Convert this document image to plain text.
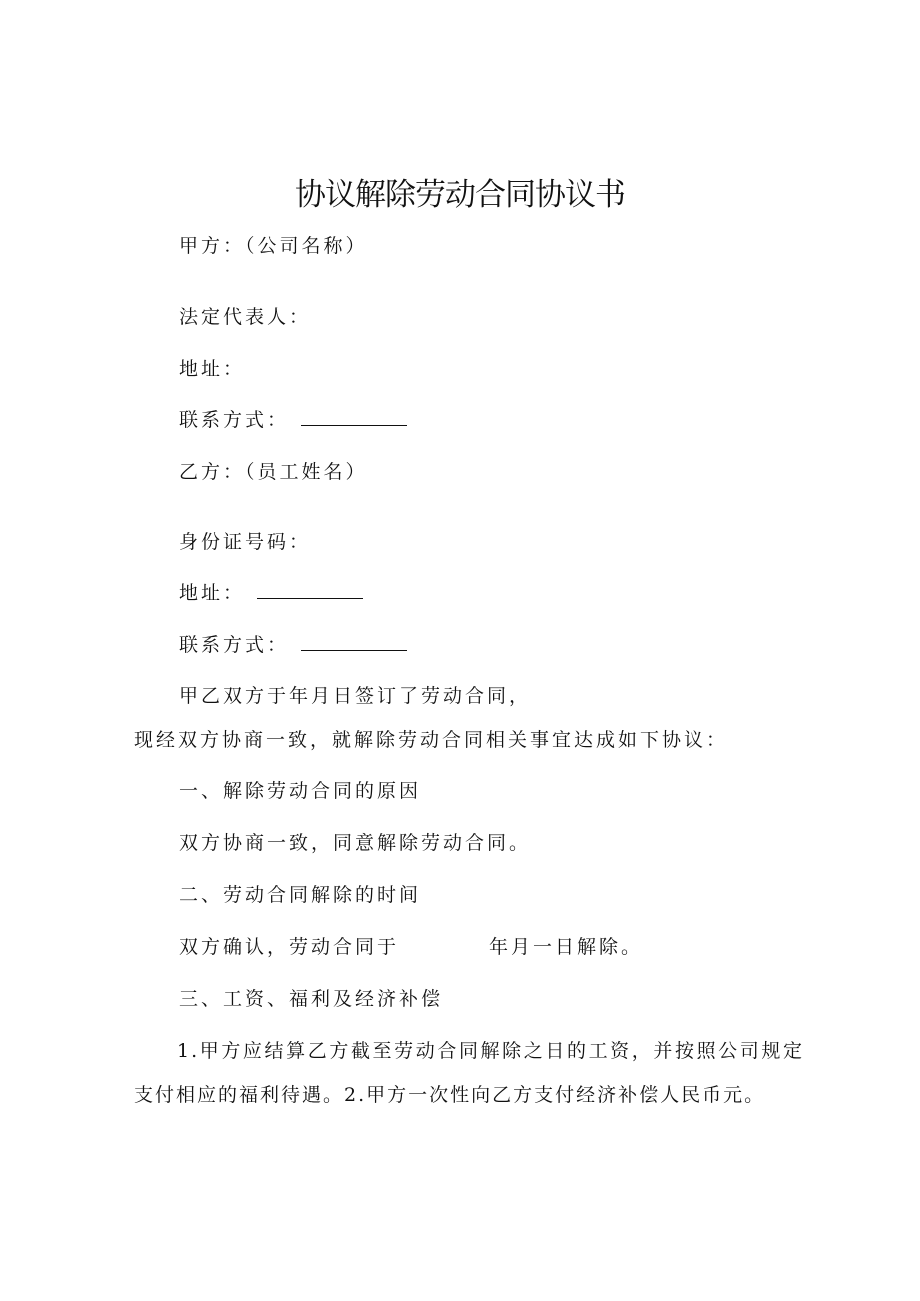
协议解除劳动合同协议书

甲方：（公司名称）

法定代表人：

地址：

联系方式：

乙方：（员工姓名）

身份证号码：

地址：

联系方式：

甲乙双方于年月日签订了劳动合同，

现经双方协商一致，就解除劳动合同相关事宜达成如下协议：

一、解除劳动合同的原因

双方协商一致，同意解除劳动合同。

二、劳动合同解除的时间

双方确认，劳动合同于	年月一日解除。

三、工资、福利及经济补偿

1.甲方应结算乙方截至劳动合同解除之日的工资，并按照公司规定支付相应的福利待遇。2.甲方一次性向乙方支付经济补偿人民币元。
